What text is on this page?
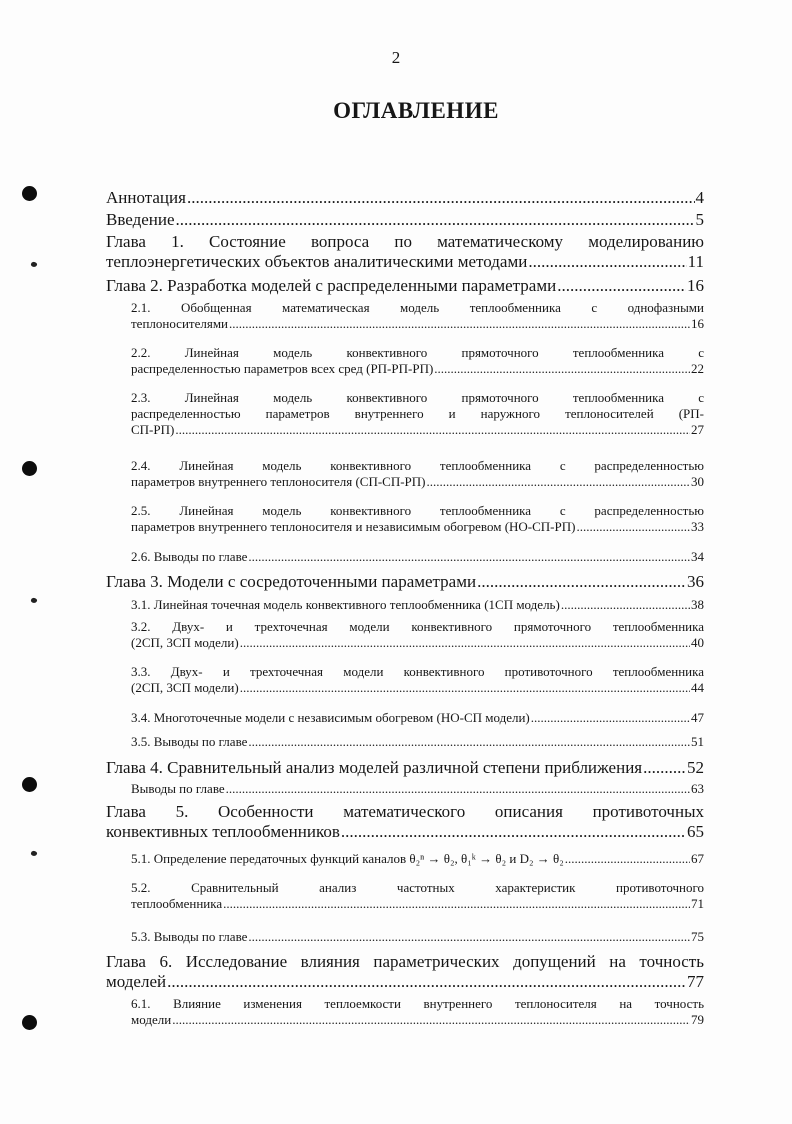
2
ОГЛАВЛЕНИЕ
Аннотация .....	4
Введение .....	5
Глава 1. Состояние вопроса по математическому моделированию
теплоэнергетических объектов аналитическими методами .....	11
Глава 2. Разработка моделей с распределенными параметрами .....	16
2.1. Обобщенная математическая модель теплообменника с однофазными
теплоносителями .....	16
2.2. Линейная модель конвективного прямоточного теплообменника с
распределенностью параметров всех сред (РП-РП-РП) .....	22
2.3. Линейная модель конвективного прямоточного теплообменника с
распределенностью параметров внутреннего и наружного теплоносителей (РП-
СП-РП) .....	27
2.4. Линейная модель конвективного теплообменника с распределенностью
параметров внутреннего теплоносителя (СП-СП-РП) .....	30
2.5. Линейная модель конвективного теплообменника с распределенностью
параметров внутреннего теплоносителя и независимым обогревом (НО-СП-РП) .....	33
2.6. Выводы по главе .....	34
Глава 3. Модели с сосредоточенными параметрами .....	36
3.1. Линейная точечная модель конвективного теплообменника (1СП модель) .....	38
3.2. Двух- и трехточечная модели конвективного прямоточного теплообменника
(2СП, 3СП модели) .....	40
3.3. Двух- и трехточечная модели конвективного противоточного теплообменника
(2СП, 3СП модели) .....	44
3.4. Многоточечные модели с независимым обогревом (НО-СП модели) .....	47
3.5. Выводы по главе .....	51
Глава 4. Сравнительный анализ моделей различной степени приближения .....	52
Выводы по главе .....	63
Глава 5. Особенности математического описания противоточных
конвективных теплообменников .....	65
5.1. Определение передаточных функций каналов θ₂ⁿ → θ₂, θ₁ᵏ → θ₂ и D₂ → θ₂ .....	67
5.2. Сравнительный анализ частотных характеристик противоточного
теплообменника .....	71
5.3. Выводы по главе .....	75
Глава 6. Исследование влияния параметрических допущений на точность
моделей .....	77
6.1. Влияние изменения теплоемкости внутреннего теплоносителя на точность
модели .....	79
